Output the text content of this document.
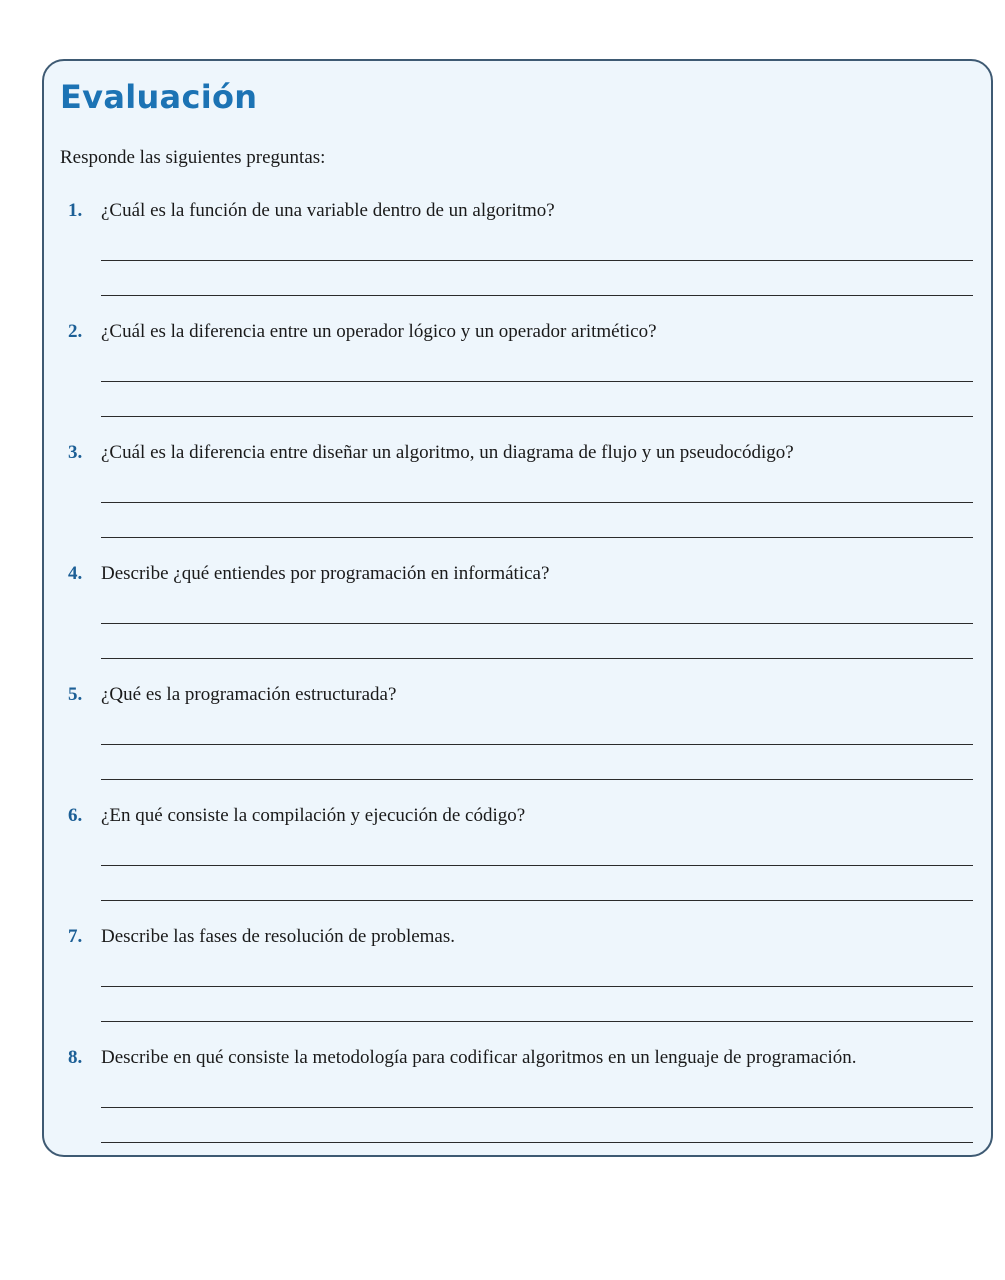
Evaluación

Responde las siguientes preguntas:

1. ¿Cuál es la función de una variable dentro de un algoritmo?
2. ¿Cuál es la diferencia entre un operador lógico y un operador aritmético?
3. ¿Cuál es la diferencia entre diseñar un algoritmo, un diagrama de flujo y un pseudocódigo?
4. Describe ¿qué entiendes por programación en informática?
5. ¿Qué es la programación estructurada?
6. ¿En qué consiste la compilación y ejecución de código?
7. Describe las fases de resolución de problemas.
8. Describe en qué consiste la metodología para codificar algoritmos en un lenguaje de programación.
